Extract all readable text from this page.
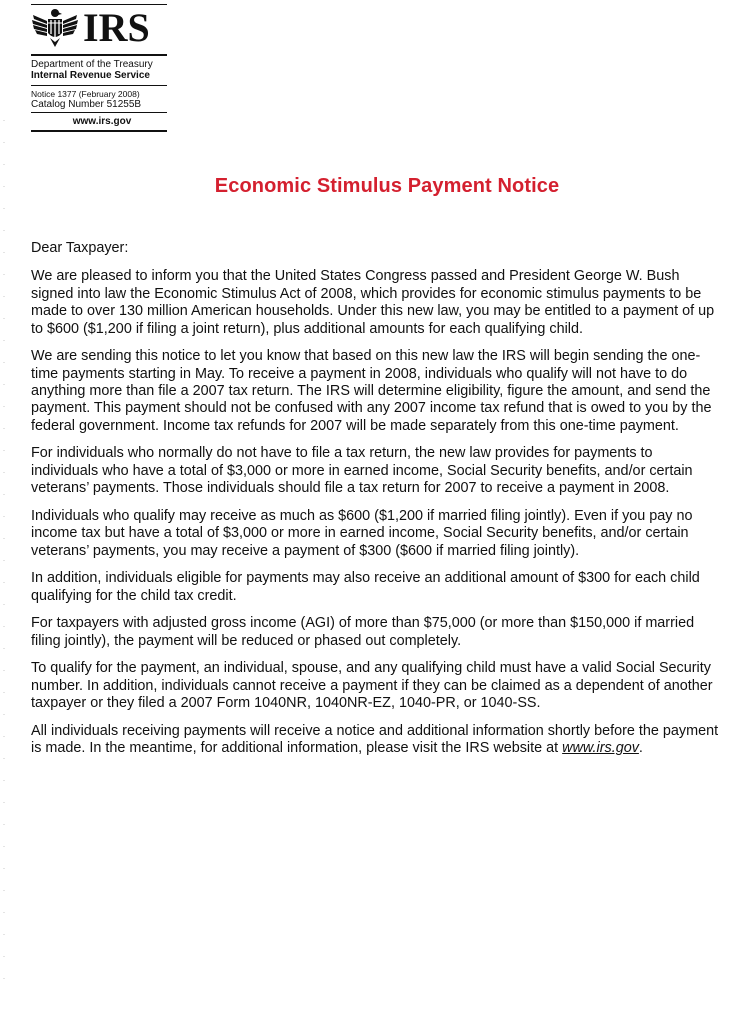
IRS
Department of the Treasury
Internal Revenue Service
Notice 1377 (February 2008)
Catalog Number 51255B
www.irs.gov
Economic Stimulus Payment Notice

Dear Taxpayer:

We are pleased to inform you that the United States Congress passed and President George W. Bush signed into law the Economic Stimulus Act of 2008, which provides for economic stimulus payments to be made to over 130 million American households. Under this new law, you may be entitled to a payment of up to $600 ($1,200 if filing a joint return), plus additional amounts for each qualifying child.

We are sending this notice to let you know that based on this new law the IRS will begin sending the one-time payments starting in May. To receive a payment in 2008, individuals who qualify will not have to do anything more than file a 2007 tax return. The IRS will determine eligibility, figure the amount, and send the payment. This payment should not be confused with any 2007 income tax refund that is owed to you by the federal government. Income tax refunds for 2007 will be made separately from this one-time payment.

For individuals who normally do not have to file a tax return, the new law provides for payments to individuals who have a total of $3,000 or more in earned income, Social Security benefits, and/or certain veterans’ payments. Those individuals should file a tax return for 2007 to receive a payment in 2008.

Individuals who qualify may receive as much as $600 ($1,200 if married filing jointly). Even if you pay no income tax but have a total of $3,000 or more in earned income, Social Security benefits, and/or certain veterans’ payments, you may receive a payment of $300 ($600 if married filing jointly).

In addition, individuals eligible for payments may also receive an additional amount of $300 for each child qualifying for the child tax credit.

For taxpayers with adjusted gross income (AGI) of more than $75,000 (or more than $150,000 if married filing jointly), the payment will be reduced or phased out completely.

To qualify for the payment, an individual, spouse, and any qualifying child must have a valid Social Security number. In addition, individuals cannot receive a payment if they can be claimed as a dependent of another taxpayer or they filed a 2007 Form 1040NR, 1040NR-EZ, 1040-PR, or 1040-SS.

All individuals receiving payments will receive a notice and additional information shortly before the payment is made. In the meantime, for additional information, please visit the IRS website at www.irs.gov.
